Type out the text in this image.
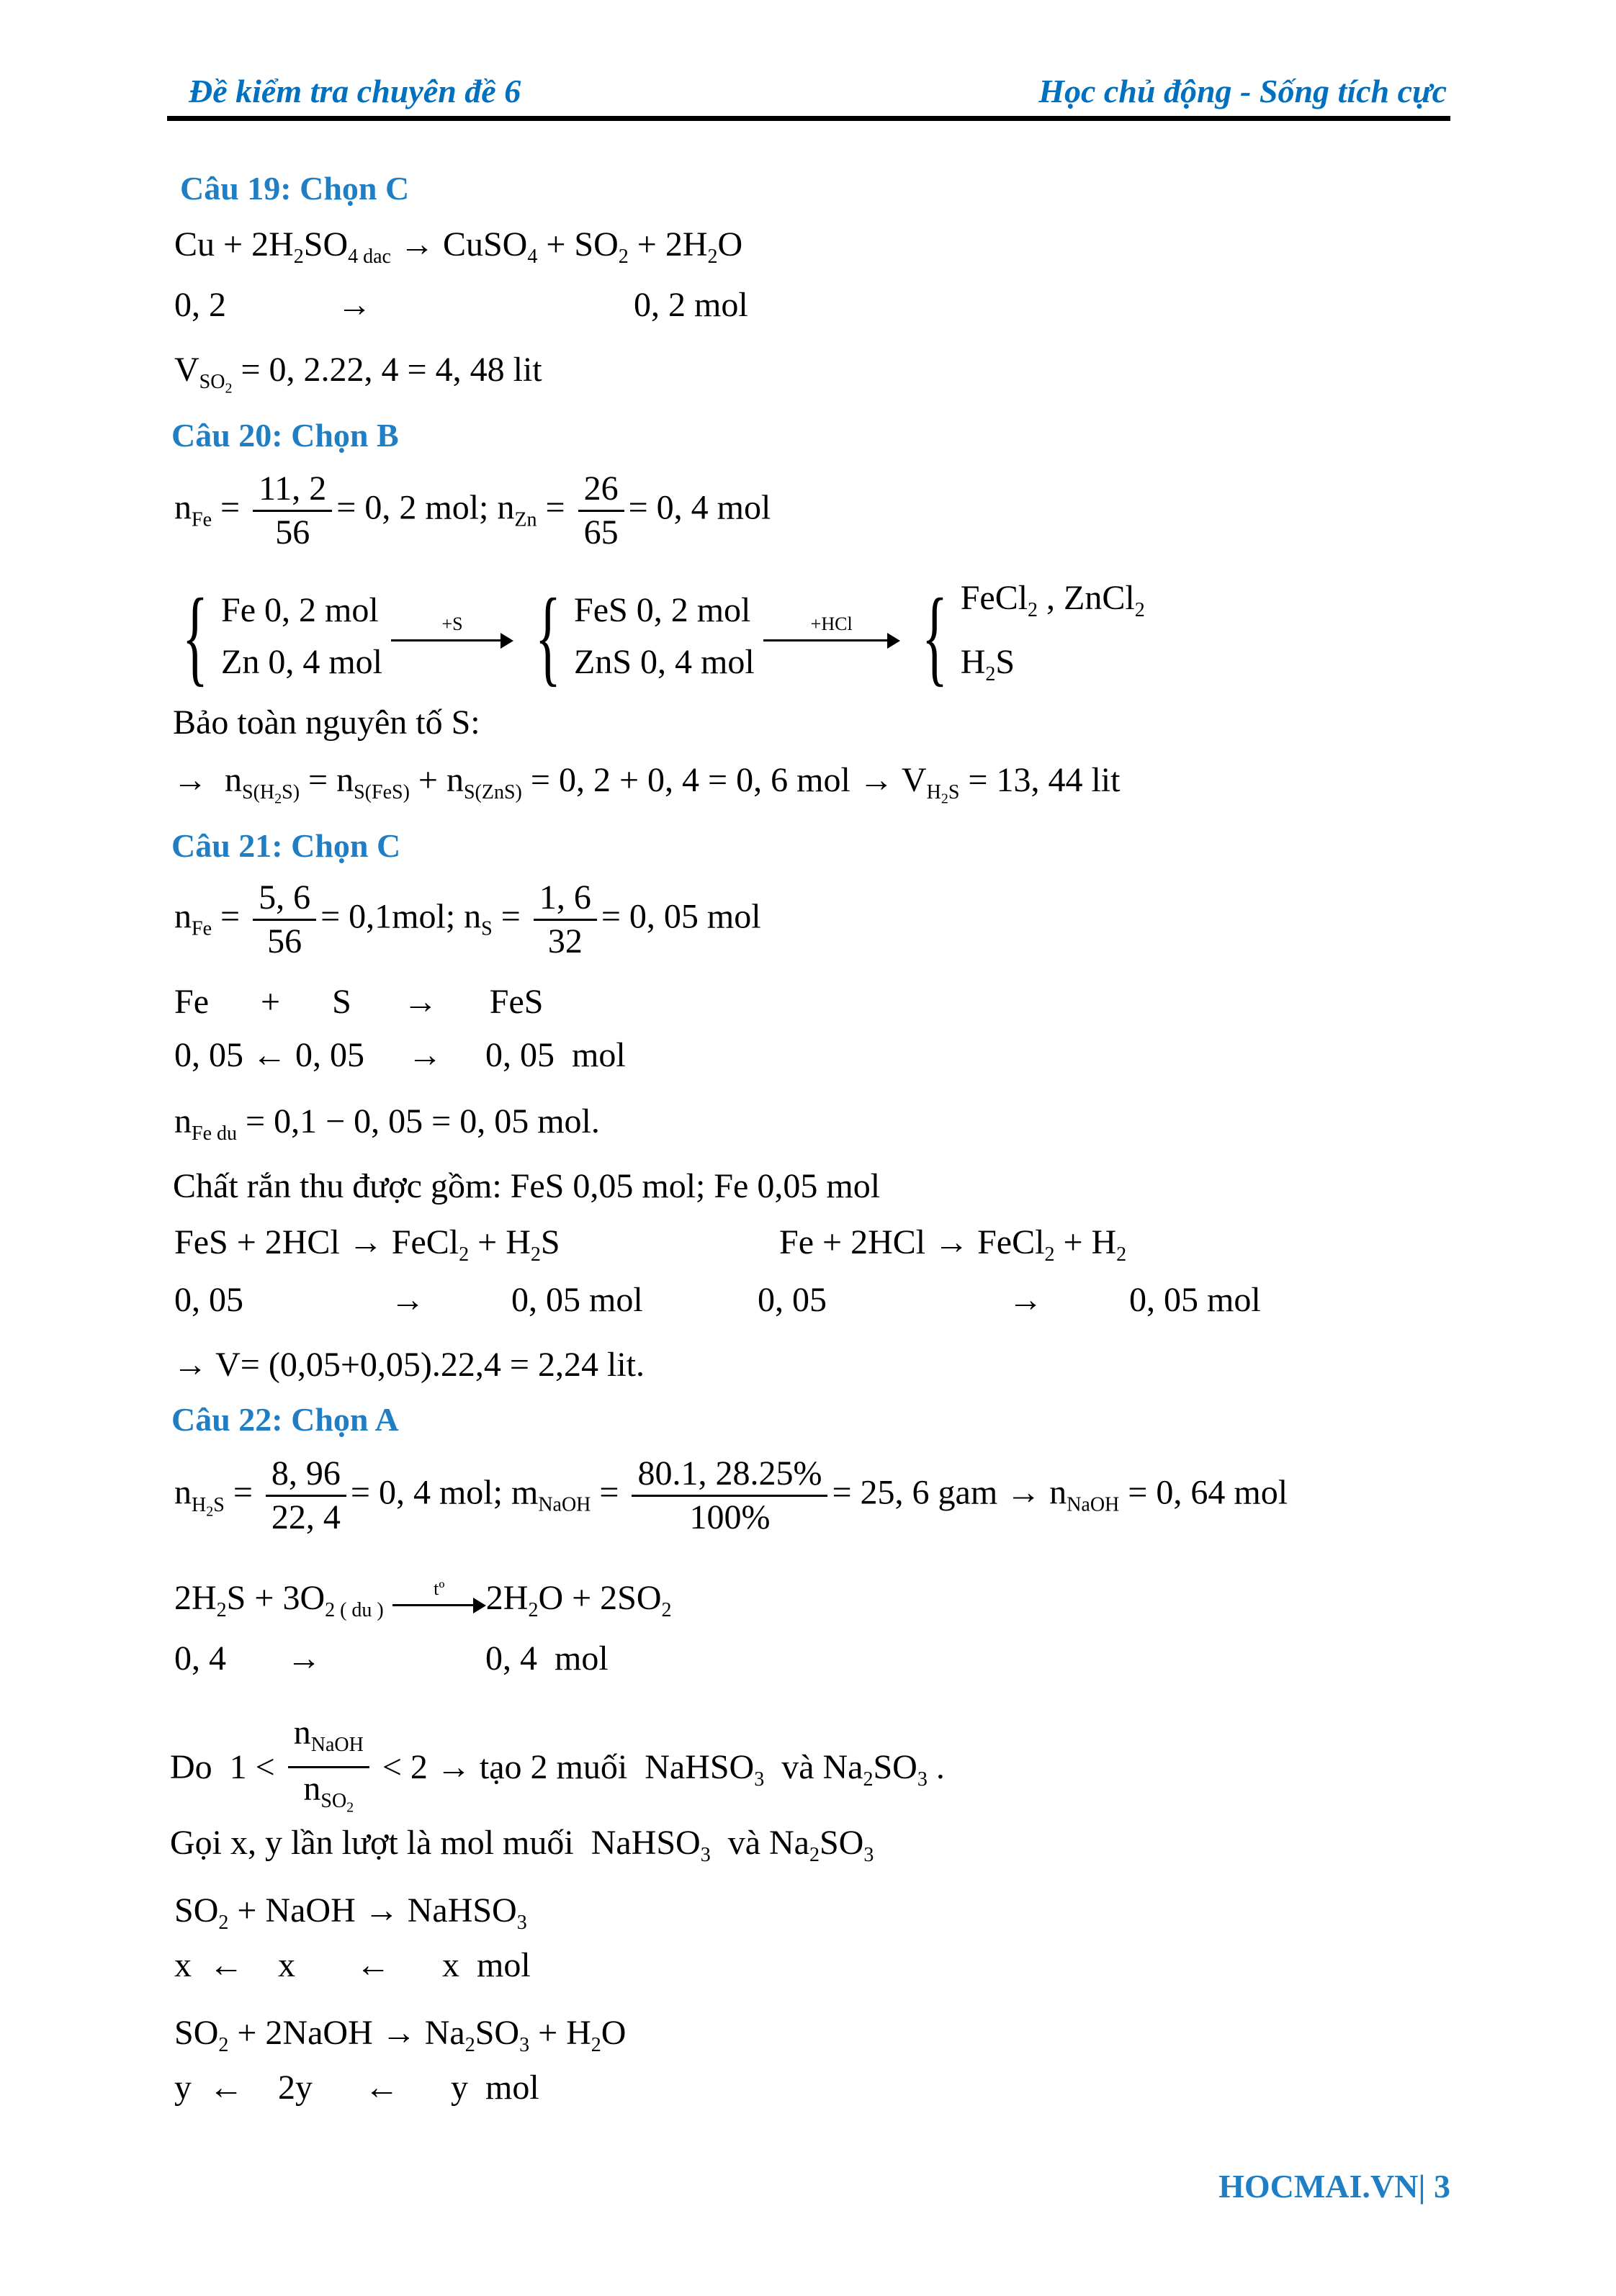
Đề kiểm tra chuyên đề 6	Học chủ động - Sống tích cực
Câu 19: Chọn C
$Cu + 2H_2SO_{4 dac}$ → CuSO$_4$ + $SO_2 + 2H_2O$
0, 2	→	0, 2 mol
$V_{SO_2} = 0$, 2.22, 4 = 4, 48 lit
Câu 20: Chọn B
$n_{Fe} = \frac{11, 2}{56} = 0$, 2 mol; $n_{Zn} = \frac{26}{65} = 0$, 4 mol
{ Fe 0, 2 mol
Zn 0, 4 mol
+S { FeS 0, 2 mol
ZnS 0, 4 mol
+HCl { FeCl$_2$ , ZnCl$_2$
$H_2S$
Bảo toàn nguyên tố S:
→  $n_{S(H_2S)} = n_{S(FeS)} + n_{S(ZnS)} = 0$, 2 + 0, 4 = 0, 6 mol → $V_{H_2S} = 13$, 44 lit
Câu 21: Chọn C
$n_{Fe} = \frac{5, 6}{56} = 0,1mol$; $n_S = \frac{1, 6}{32} = 0$, 05 mol
Fe      +      S      →      FeS
0, 05 ← 0, 05     →     0, 05  mol
$n_{Fe du} = 0,1 - 0$, 05 = 0, 05 mol.
Chất rắn thu được gồm: FeS 0,05 mol; Fe 0,05 mol
FeS + 2HCl → FeCl$_2$ + $H_2S$	Fe + 2HCl → FeCl$_2$ + $H_2$
0, 05                 →          0, 05 mol	0, 05                     →          0, 05 mol
→ V= (0,05+0,05).22,4 = 2,24 lit.
Câu 22: Chọn A
$n_{H_2S} = \frac{8, 96}{22, 4} = 0$, 4 mol; $m_{NaOH} = \frac{80.1, 28.25\%}{100\%} = 25$, 6 gam → $n_{NaOH} = 0$, 64 mol
$2H_2S + 3O_{2 ( du )}$
tº	$2H_2O + 2SO_2$
0, 4       →                   0, 4  mol
Do  $1 < \frac{n_{NaOH}}{n_{SO_2}} < 2$ → tạo 2 muối  NaHSO$_3$  và $Na_2SO_3$ .
Gọi x, y lần lượt là mol muối  NaHSO$_3$  và $Na_2SO_3$
$SO_2$ + NaOH → NaHSO$_3$
x  ←    x       ←      x  mol
$SO_2$ + 2NaOH → $Na_2SO_3 + H_2O$
y  ←    2y      ←      y  mol
HOCMAI.VN| 3
